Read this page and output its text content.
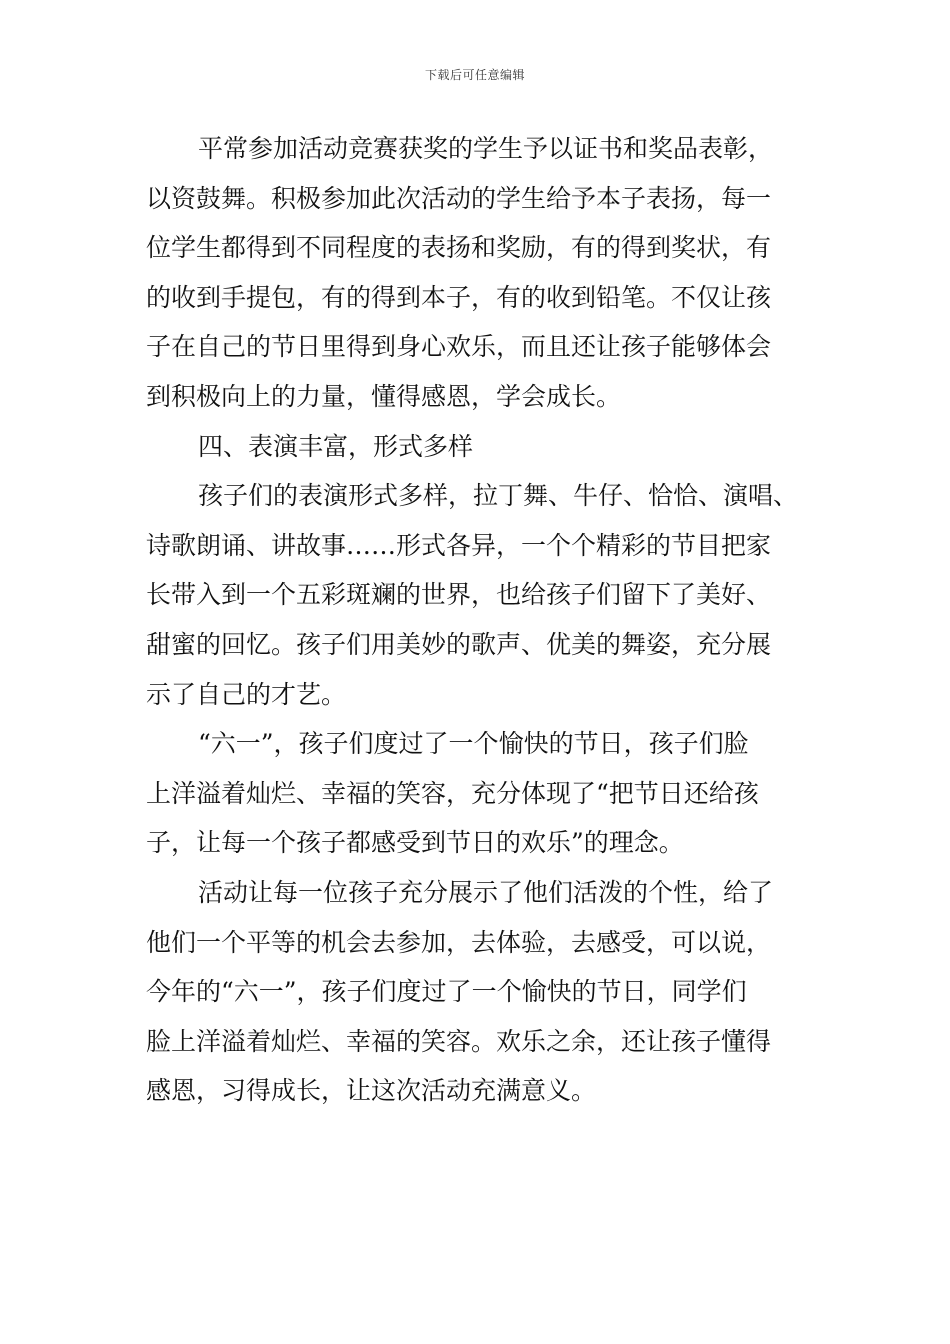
下载后可任意编辑
平常参加活动竞赛获奖的学生予以证书和奖品表彰，
以资鼓舞。积极参加此次活动的学生给予本子表扬，每一
位学生都得到不同程度的表扬和奖励，有的得到奖状，有
的收到手提包，有的得到本子，有的收到铅笔。不仅让孩
子在自己的节日里得到身心欢乐，而且还让孩子能够体会
到积极向上的力量，懂得感恩，学会成长。
四、表演丰富，形式多样
孩子们的表演形式多样，拉丁舞、牛仔、恰恰、演唱、
诗歌朗诵、讲故事……形式各异，一个个精彩的节目把家
长带入到一个五彩斑斓的世界，也给孩子们留下了美好、
甜蜜的回忆。孩子们用美妙的歌声、优美的舞姿，充分展
示了自己的才艺。
“六一”，孩子们度过了一个愉快的节日，孩子们脸
上洋溢着灿烂、幸福的笑容，充分体现了“把节日还给孩
子，让每一个孩子都感受到节日的欢乐”的理念。
活动让每一位孩子充分展示了他们活泼的个性，给了
他们一个平等的机会去参加，去体验，去感受，可以说，
今年的“六一”，孩子们度过了一个愉快的节日，同学们
脸上洋溢着灿烂、幸福的笑容。欢乐之余，还让孩子懂得
感恩，习得成长，让这次活动充满意义。
